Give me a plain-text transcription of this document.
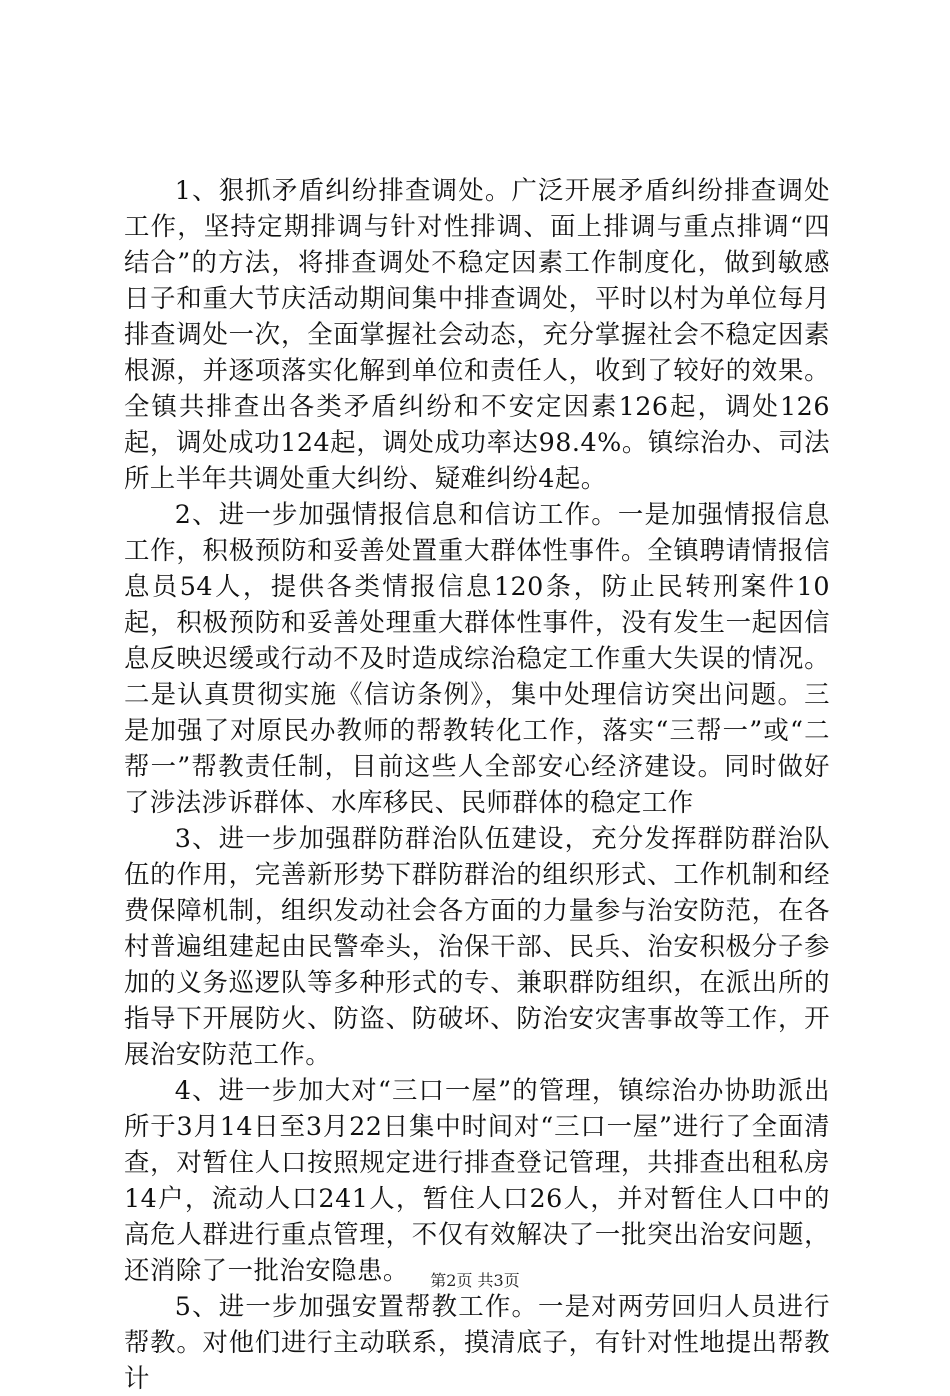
1、狠抓矛盾纠纷排查调处。广泛开展矛盾纠纷排查调处工作，坚持定期排调与针对性排调、面上排调与重点排调“四结合”的方法，将排查调处不稳定因素工作制度化，做到敏感日子和重大节庆活动期间集中排查调处，平时以村为单位每月排查调处一次，全面掌握社会动态，充分掌握社会不稳定因素根源，并逐项落实化解到单位和责任人，收到了较好的效果。全镇共排查出各类矛盾纠纷和不安定因素126起，调处126起，调处成功124起，调处成功率达98.4%。镇综治办、司法所上半年共调处重大纠纷、疑难纠纷4起。

2、进一步加强情报信息和信访工作。一是加强情报信息工作，积极预防和妥善处置重大群体性事件。全镇聘请情报信息员54人，提供各类情报信息120条，防止民转刑案件10起，积极预防和妥善处理重大群体性事件，没有发生一起因信息反映迟缓或行动不及时造成综治稳定工作重大失误的情况。二是认真贯彻实施《信访条例》，集中处理信访突出问题。三是加强了对原民办教师的帮教转化工作，落实“三帮一”或“二帮一”帮教责任制，目前这些人全部安心经济建设。同时做好了涉法涉诉群体、水库移民、民师群体的稳定工作

3、进一步加强群防群治队伍建设，充分发挥群防群治队伍的作用，完善新形势下群防群治的组织形式、工作机制和经费保障机制，组织发动社会各方面的力量参与治安防范，在各村普遍组建起由民警牵头，治保干部、民兵、治安积极分子参加的义务巡逻队等多种形式的专、兼职群防组织，在派出所的指导下开展防火、防盗、防破坏、防治安灾害事故等工作，开展治安防范工作。

4、进一步加大对“三口一屋”的管理，镇综治办协助派出所于3月14日至3月22日集中时间对“三口一屋”进行了全面清查，对暂住人口按照规定进行排查登记管理，共排查出租私房14户，流动人口241人，暂住人口26人，并对暂住人口中的高危人群进行重点管理，不仅有效解决了一批突出治安问题，还消除了一批治安隐患。

5、进一步加强安置帮教工作。一是对两劳回归人员进行帮教。对他们进行主动联系，摸清底子，有针对性地提出帮教计

第2页 共3页
